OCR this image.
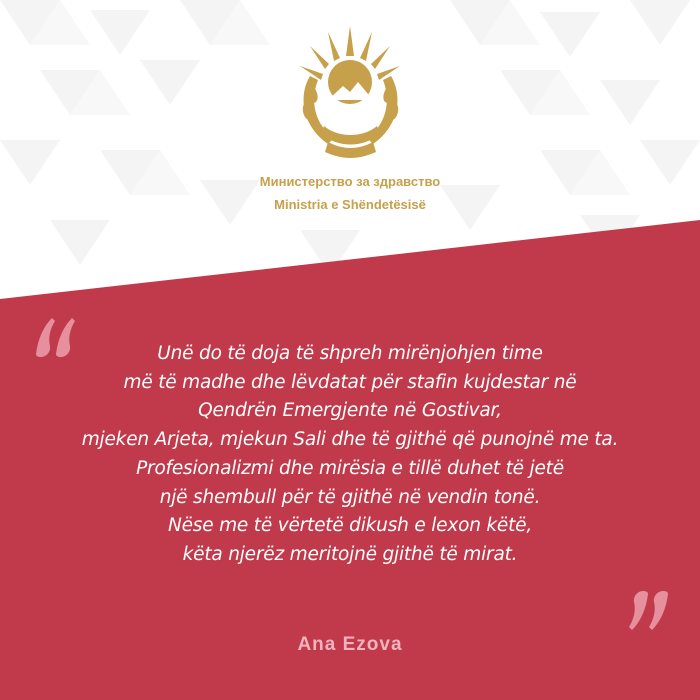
Министерство за здравство
Ministria e Shëndetësisë
Unë do të doja të shpreh mirënjohjen time
më të madhe dhe lëvdatat për stafin kujdestar në
Qendrën Emergjente në Gostivar,
mjeken Arjeta, mjekun Sali dhe të gjithë që punojnë me ta.
Profesionalizmi dhe mirësia e tillë duhet të jetë
një shembull për të gjithë në vendin tonë.
Nëse me të vërtetë dikush e lexon këtë,
këta njerëz meritojnë gjithë të mirat.
Ana Ezova
